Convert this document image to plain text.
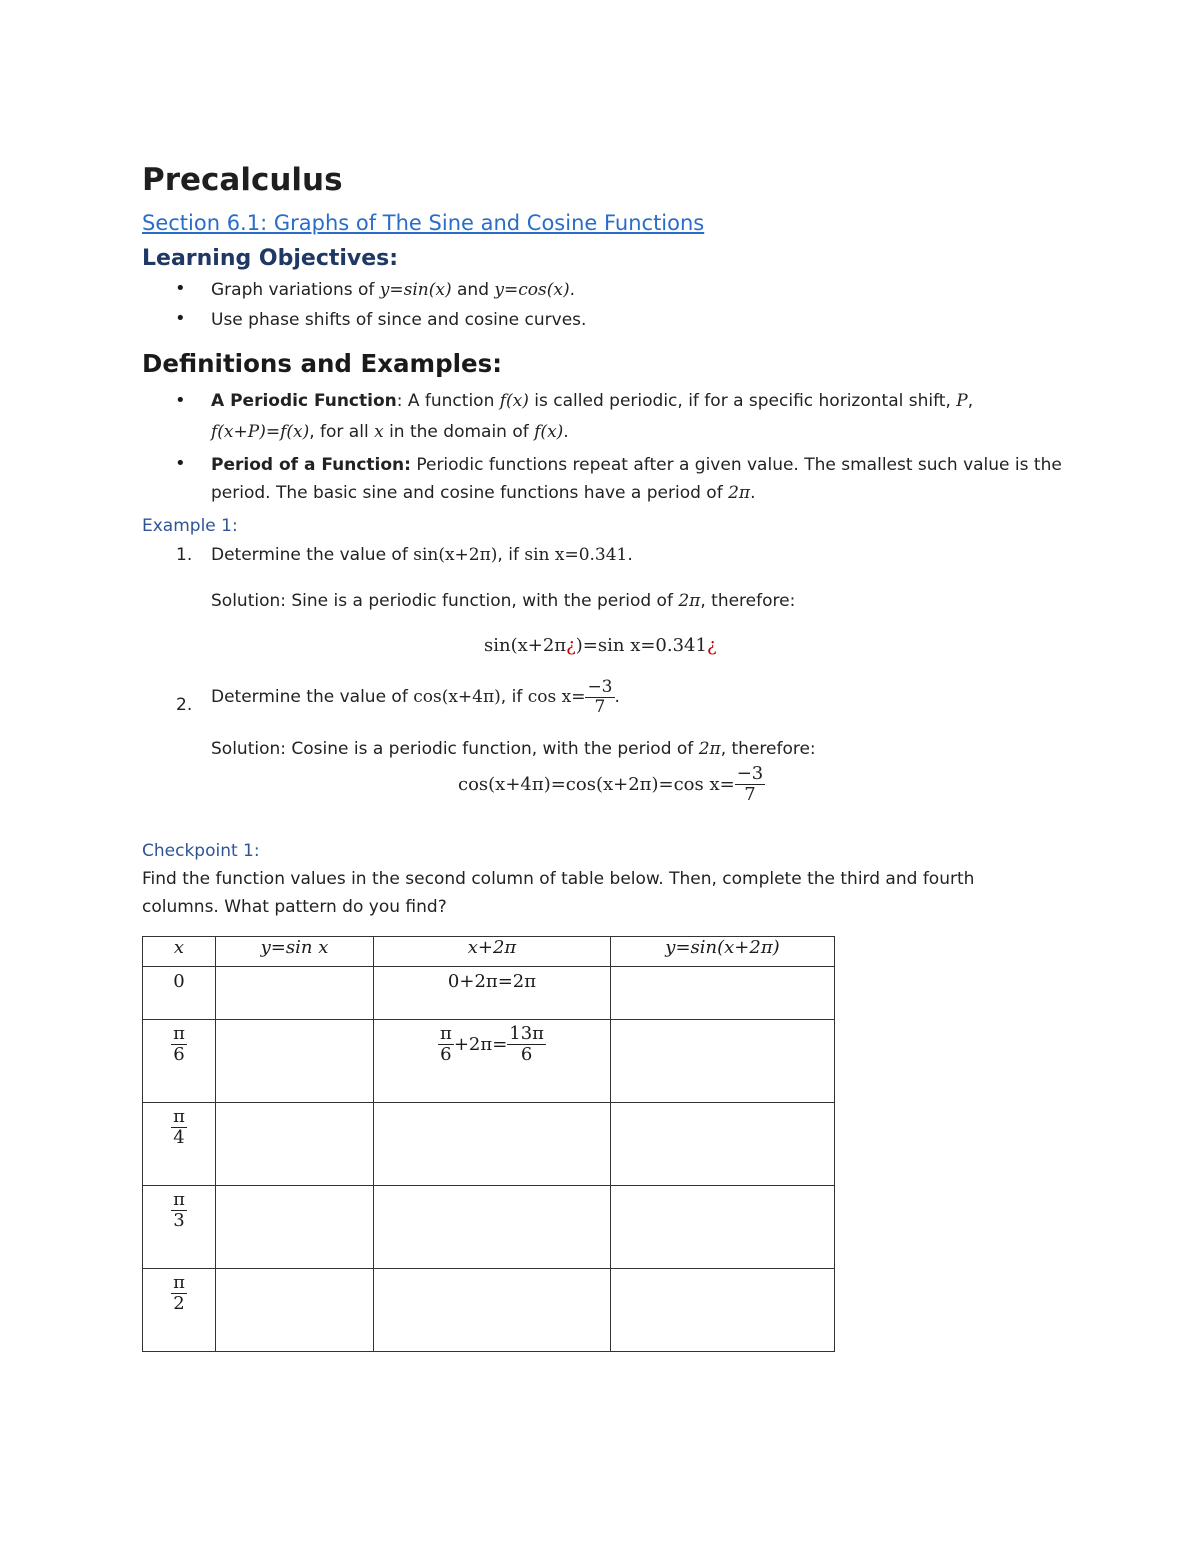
Precalculus
Section 6.1: Graphs of The Sine and Cosine Functions
Learning Objectives:
• Graph variations of y=sin(x) and y=cos(x).
• Use phase shifts of since and cosine curves.
Definitions and Examples:
• A Periodic Function: A function f(x) is called periodic, if for a specific horizontal shift, P,
f(x+P)=f(x), for all x in the domain of f(x).
• Period of a Function: Periodic functions repeat after a given value. The smallest such value is the
period. The basic sine and cosine functions have a period of 2π.
Example 1:
1. Determine the value of sin(x+2π), if sin x=0.341.
Solution: Sine is a periodic function, with the period of 2π, therefore:
sin(x+2π¿)=sin x=0.341¿
2. Determine the value of cos(x+4π), if $\cos x= \frac{-3}{7}$ .
Solution: Cosine is a periodic function, with the period of 2π, therefore:
cos(x+4π)=cos(x+2π)=cos $x= \frac{-3}{7}$
Checkpoint 1:
Find the function values in the second column of table below. Then, complete the third and fourth
columns. What pattern do you find?
x	y=sin x	x+2π	y=sin(x+2π)

0		0+2π=2π	

$\frac{\pi}{6}$		$\frac{\pi}{6} +2\pi= \frac{13\pi}{6}$

$\frac{\pi}{4}$

$\frac{\pi}{3}$

$\frac{\pi}{2}$
